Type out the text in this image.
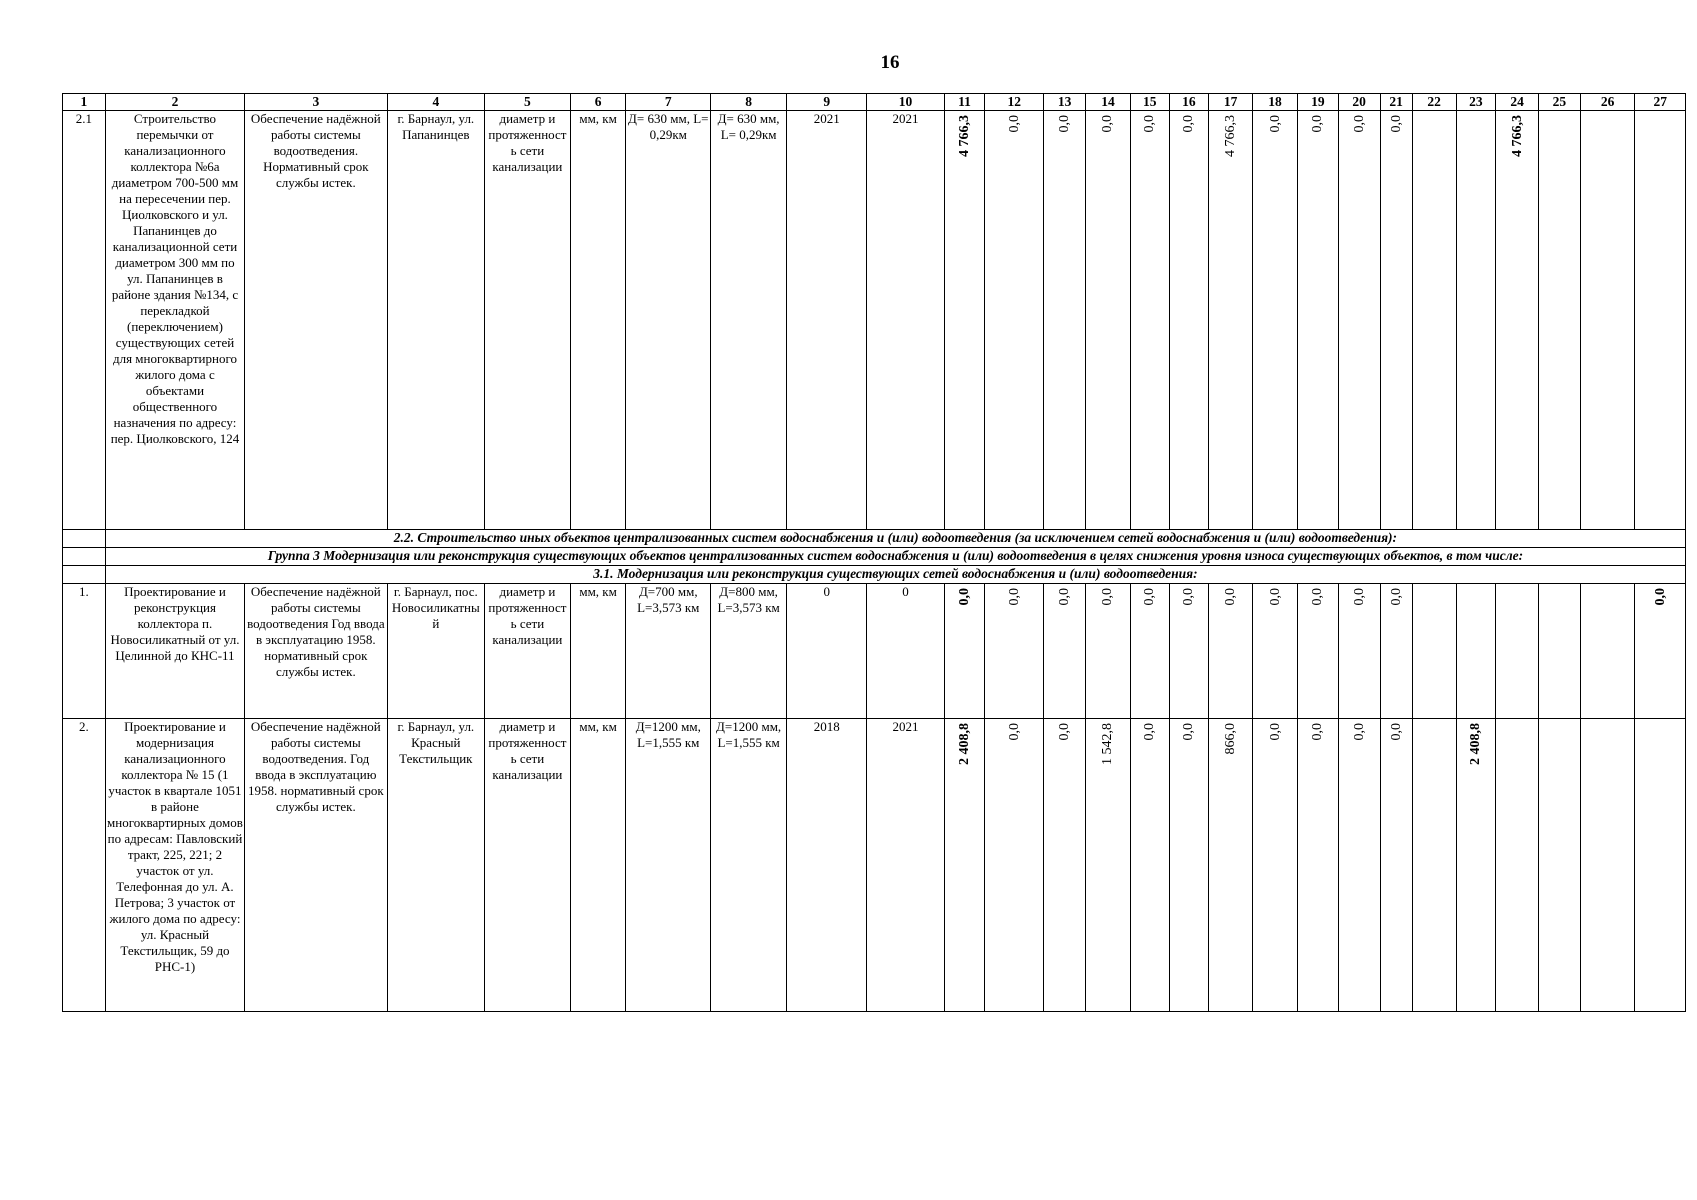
16
1	2	3	4	5	6	7	8	9	10	11	12	13	14	15	16	17	18	19	20	21	22	23	24	25	26	27
2.1	Строительство перемычки от канализационного коллектора №6а диаметром 700-500 мм на пересечении пер. Циолковского и ул. Папанинцев до канализационной сети диаметром 300 мм по ул. Папанинцев в районе здания №134, с перекладкой (переключением) существующих сетей для многоквартирного жилого дома с объектами общественного назначения по адресу: пер. Циолковского, 124	Обеспечение надёжной работы системы водоотведения. Нормативный срок службы истек.	г. Барнаул, ул. Папанинцев	диаметр и протяженность сети канализации	мм, км	Д= 630 мм, L= 0,29км	Д= 630 мм, L= 0,29км	2021	2021	4 766,3	0,0	0,0	0,0	0,0	0,0	4 766,3	0,0	0,0	0,0	0,0			4 766,3			
	2.2. Строительство иных объектов централизованных систем водоснабжения и (или) водоотведения (за исключением сетей водоснабжения и (или) водоотведения):																									
	Группа 3 Модернизация или реконструкция существующих объектов централизованных систем водоснабжения и (или) водоотведения в целях снижения уровня износа существующих объектов, в том числе:																									
	3.1. Модернизация или реконструкция существующих сетей водоснабжения и (или) водоотведения:																									
1.	Проектирование и реконструкция коллектора п. Новосиликатный от ул. Целинной до КНС-11	Обеспечение надёжной работы системы водоотведения Год ввода в эксплуатацию 1958. нормативный срок службы истек.	г. Барнаул, пос. Новосиликатный	диаметр и протяженность сети канализации	мм, км	Д=700 мм, L=3,573 км	Д=800 мм, L=3,573 км	0	0	0,0	0,0	0,0	0,0	0,0	0,0	0,0	0,0	0,0	0,0	0,0						0,0
2.	Проектирование и модернизация канализационного коллектора № 15 (1 участок в квартале 1051 в районе многоквартирных домов по адресам: Павловский тракт, 225, 221; 2 участок от ул. Телефонная до ул. А. Петрова; 3 участок от жилого дома по адресу: ул. Красный Текстильщик, 59 до РНС-1)	Обеспечение надёжной работы системы водоотведения. Год ввода в эксплуатацию 1958. нормативный срок службы истек.	г. Барнаул, ул. Красный Текстильщик	диаметр и протяженность сети канализации	мм, км	Д=1200 мм, L=1,555 км	Д=1200 мм, L=1,555 км	2018	2021	2 408,8	0,0	0,0	1 542,8	0,0	0,0	866,0	0,0	0,0	0,0	0,0		2 408,8				
